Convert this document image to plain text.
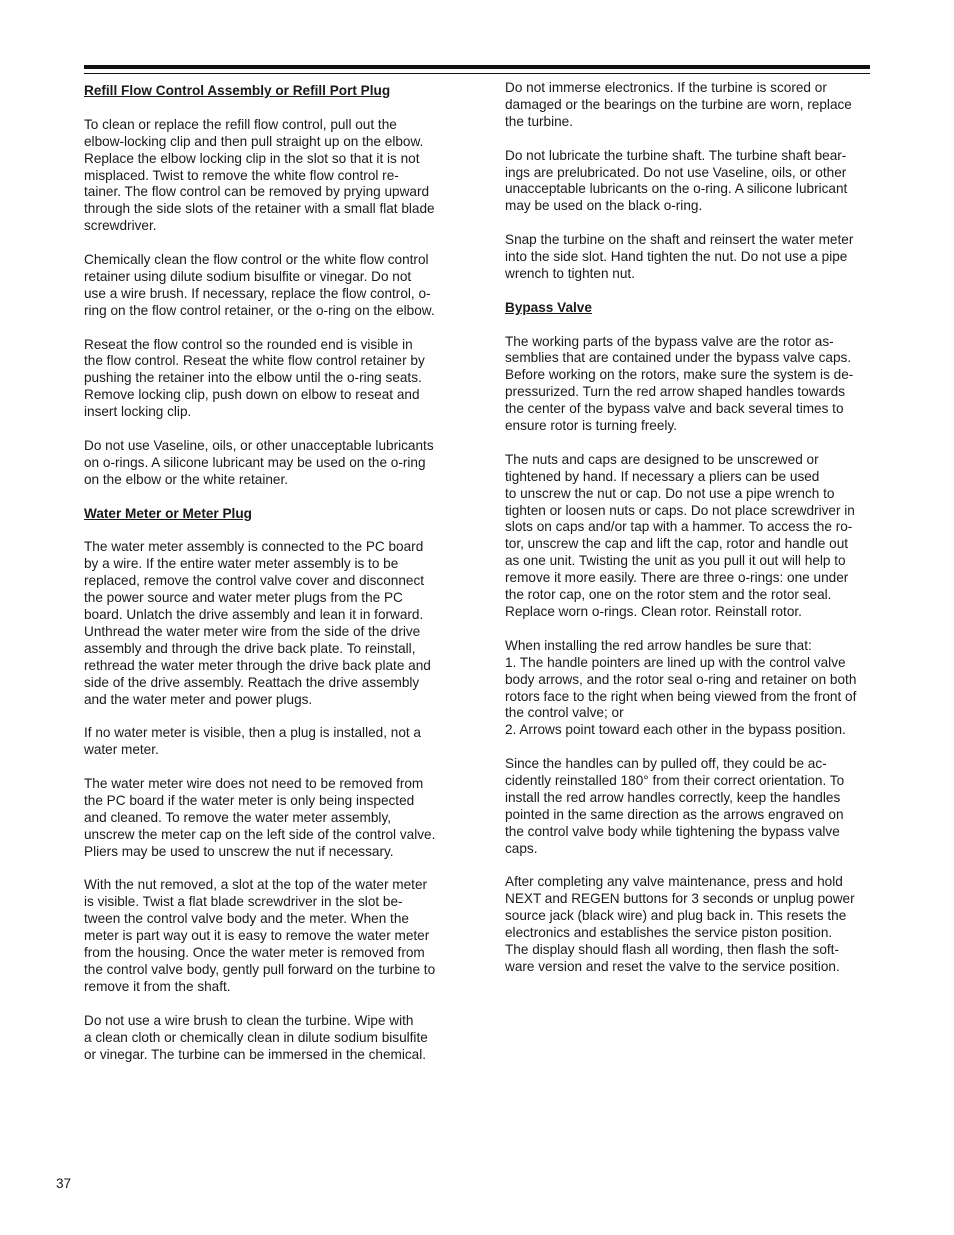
Refill Flow Control Assembly or Refill Port Plug

To clean or replace the refill flow control, pull out the
elbow-locking clip and then pull straight up on the elbow.
Replace the elbow locking clip in the slot so that it is not
misplaced. Twist to remove the white flow control re-
tainer. The flow control can be removed by prying upward
through the side slots of the retainer with a small flat blade
screwdriver.

Chemically clean the flow control or the white flow control
retainer using dilute sodium bisulfite or vinegar. Do not
use a wire brush. If necessary, replace the flow control, o-
ring on the flow control retainer, or the o-ring on the elbow.

Reseat the flow control so the rounded end is visible in
the flow control. Reseat the white flow control retainer by
pushing the retainer into the elbow until the o-ring seats.
Remove locking clip, push down on elbow to reseat and
insert locking clip.

Do not use Vaseline, oils, or other unacceptable lubricants
on o-rings. A silicone lubricant may be used on the o-ring
on the elbow or the white retainer.

Water Meter or Meter Plug

The water meter assembly is connected to the PC board
by a wire. If the entire water meter assembly is to be
replaced, remove the control valve cover and disconnect
the power source and water meter plugs from the PC
board. Unlatch the drive assembly and lean it in forward.
Unthread the water meter wire from the side of the drive
assembly and through the drive back plate. To reinstall,
rethread the water meter through the drive back plate and
side of the drive assembly. Reattach the drive assembly
and the water meter and power plugs.

If no water meter is visible, then a plug is installed, not a
water meter.

The water meter wire does not need to be removed from
the PC board if the water meter is only being inspected
and cleaned. To remove the water meter assembly,
unscrew the meter cap on the left side of the control valve.
Pliers may be used to unscrew the nut if necessary.

With the nut removed, a slot at the top of the water meter
is visible. Twist a flat blade screwdriver in the slot be-
tween the control valve body and the meter. When the
meter is part way out it is easy to remove the water meter
from the housing. Once the water meter is removed from
the control valve body, gently pull forward on the turbine to
remove it from the shaft.

Do not use a wire brush to clean the turbine. Wipe with
a clean cloth or chemically clean in dilute sodium bisulfite
or vinegar. The turbine can be immersed in the chemical.

Do not immerse electronics. If the turbine is scored or
damaged or the bearings on the turbine are worn, replace
the turbine.

Do not lubricate the turbine shaft. The turbine shaft bear-
ings are prelubricated. Do not use Vaseline, oils, or other
unacceptable lubricants on the o-ring. A silicone lubricant
may be used on the black o-ring.

Snap the turbine on the shaft and reinsert the water meter
into the side slot. Hand tighten the nut. Do not use a pipe
wrench to tighten nut.

Bypass Valve

The working parts of the bypass valve are the rotor as-
semblies that are contained under the bypass valve caps.
Before working on the rotors, make sure the system is de-
pressurized. Turn the red arrow shaped handles towards
the center of the bypass valve and back several times to
ensure rotor is turning freely.

The nuts and caps are designed to be unscrewed or
tightened by hand. If necessary a pliers can be used
to unscrew the nut or cap. Do not use a pipe wrench to
tighten or loosen nuts or caps. Do not place screwdriver in
slots on caps and/or tap with a hammer. To access the ro-
tor, unscrew the cap and lift the cap, rotor and handle out
as one unit. Twisting the unit as you pull it out will help to
remove it more easily. There are three o-rings: one under
the rotor cap, one on the rotor stem and the rotor seal.
Replace worn o-rings. Clean rotor. Reinstall rotor.

When installing the red arrow handles be sure that:
1. The handle pointers are lined up with the control valve
body arrows, and the rotor seal o-ring and retainer on both
rotors face to the right when being viewed from the front of
the control valve; or
2. Arrows point toward each other in the bypass position.

Since the handles can by pulled off, they could be ac-
cidently reinstalled 180° from their correct orientation. To
install the red arrow handles correctly, keep the handles
pointed in the same direction as the arrows engraved on
the control valve body while tightening the bypass valve
caps.

After completing any valve maintenance, press and hold
NEXT and REGEN buttons for 3 seconds or unplug power
source jack (black wire) and plug back in. This resets the
electronics and establishes the service piston position.
The display should flash all wording, then flash the soft-
ware version and reset the valve to the service position.

37
